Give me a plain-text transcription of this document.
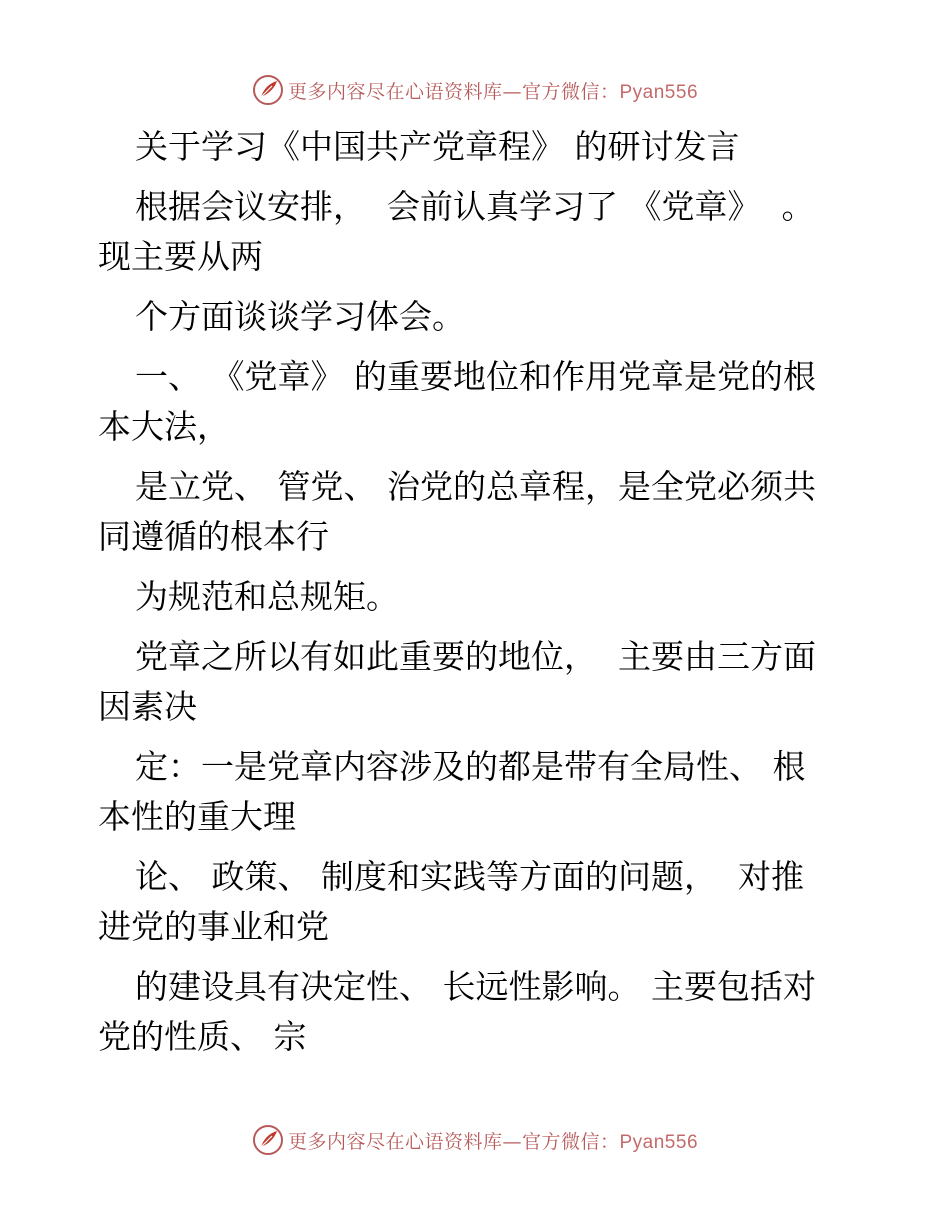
更多内容尽在心语资料库—官方微信：Pyan556
关于学习《中国共产党章程》 的研讨发言
根据会议安排，  会前认真学习了 《党章》  。
现主要从两
个方面谈谈学习体会。
一、 《党章》 的重要地位和作用党章是党的根
本大法，
是立党、 管党、 治党的总章程，是全党必须共
同遵循的根本行
为规范和总规矩。
党章之所以有如此重要的地位，  主要由三方面
因素决
定：一是党章内容涉及的都是带有全局性、 根
本性的重大理
论、 政策、 制度和实践等方面的问题，  对推
进党的事业和党
的建设具有决定性、 长远性影响。 主要包括对
党的性质、 宗
更多内容尽在心语资料库—官方微信：Pyan556
